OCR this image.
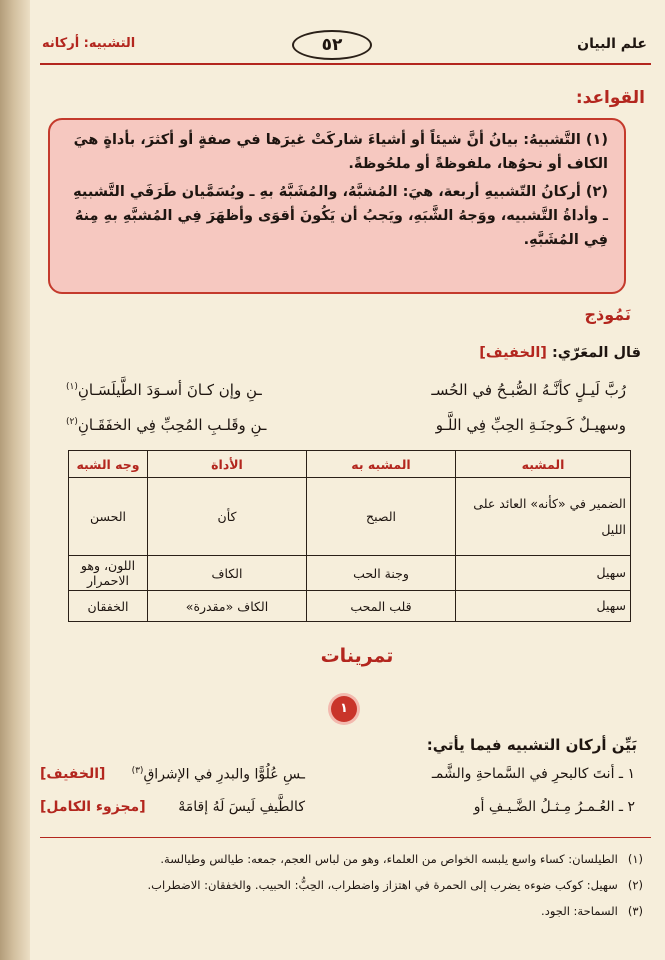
التشبيه: أركانه	٥٢	علم البيان
القواعد:
(١) التَّشبيهُ: بيانُ أنَّ شيئاً أو أشياءَ شاركَتْ غيرَها في صفةٍ أو أكثرَ، بأداةٍ هيَ الكاف أو نحوُها، ملفوظةً أو ملحُوظةً.
(٢) أركانُ التّشبيهِ أربعة، هيَ: المُشبَّهُ، والمُشَبَّهُ بهِ ـ ويُسَمَّيان طَرَفَي التَّشبيهِ ـ وأداةُ التَّشبيه، ووَجهُ الشَّبَهِ، ويَجبُ أن يَكُونَ أقوَى وأظهَرَ فِي المُشبَّهِ بهِ مِنهُ فِي المُشَبَّهِ.
نَمُوذج
قال المعَرّي: [الخفيف]
رُبَّ لَيـلٍ كأنَّـهُ الصُّبـحُ في الحُسـ
ـنِ وإن كـانَ أسـوَدَ الطَّيلَسَـانِ$^{(١)}$
وسهيـلٌ كَـوجنَـةِ الحِبِّ فِي اللَّـو
ـنِ وقَلـبِ المُحِبِّ فِي الخفَقَـانِ$^{(٢)}$
المشبه	المشبه به	الأداة	وجه الشبه
الضمير في «كأنه» العائد على الليل	الصبح	كأن	الحسن
سهيل	وجنة الحب	الكاف	اللون، وهو الاحمرار
سهيل	قلب المحب	الكاف «مقدرة»	الخفقان
تمرينات
١
بَيِّن أركان التشبيه فيما يأتي:
١ ـ أنتَ كالبحرِ في السَّماحةِ والشَّمـ
ـسِ عُلُوًّا والبدرِ في الإشراقِ$^{(٣)}$
[الخفيف]
٢ ـ العُـمـرُ مِـثـلُ الضَّـيـفِ أو
كالطَّيفِ لَيسَ لَهُ إقامَهْ
[مجزوء الكامل]
(١)الطيلسان: كساء واسع يلبسه الخواص من العلماء، وهو من لباس العجم، جمعه: طيالس وطيالسة.
(٢)سهيل: كوكب ضوءه يضرب إلى الحمرة في اهتزاز واضطراب، الحِبُّ: الحبيب. والخفقان: الاضطراب.
(٣)السماحة: الجود.
